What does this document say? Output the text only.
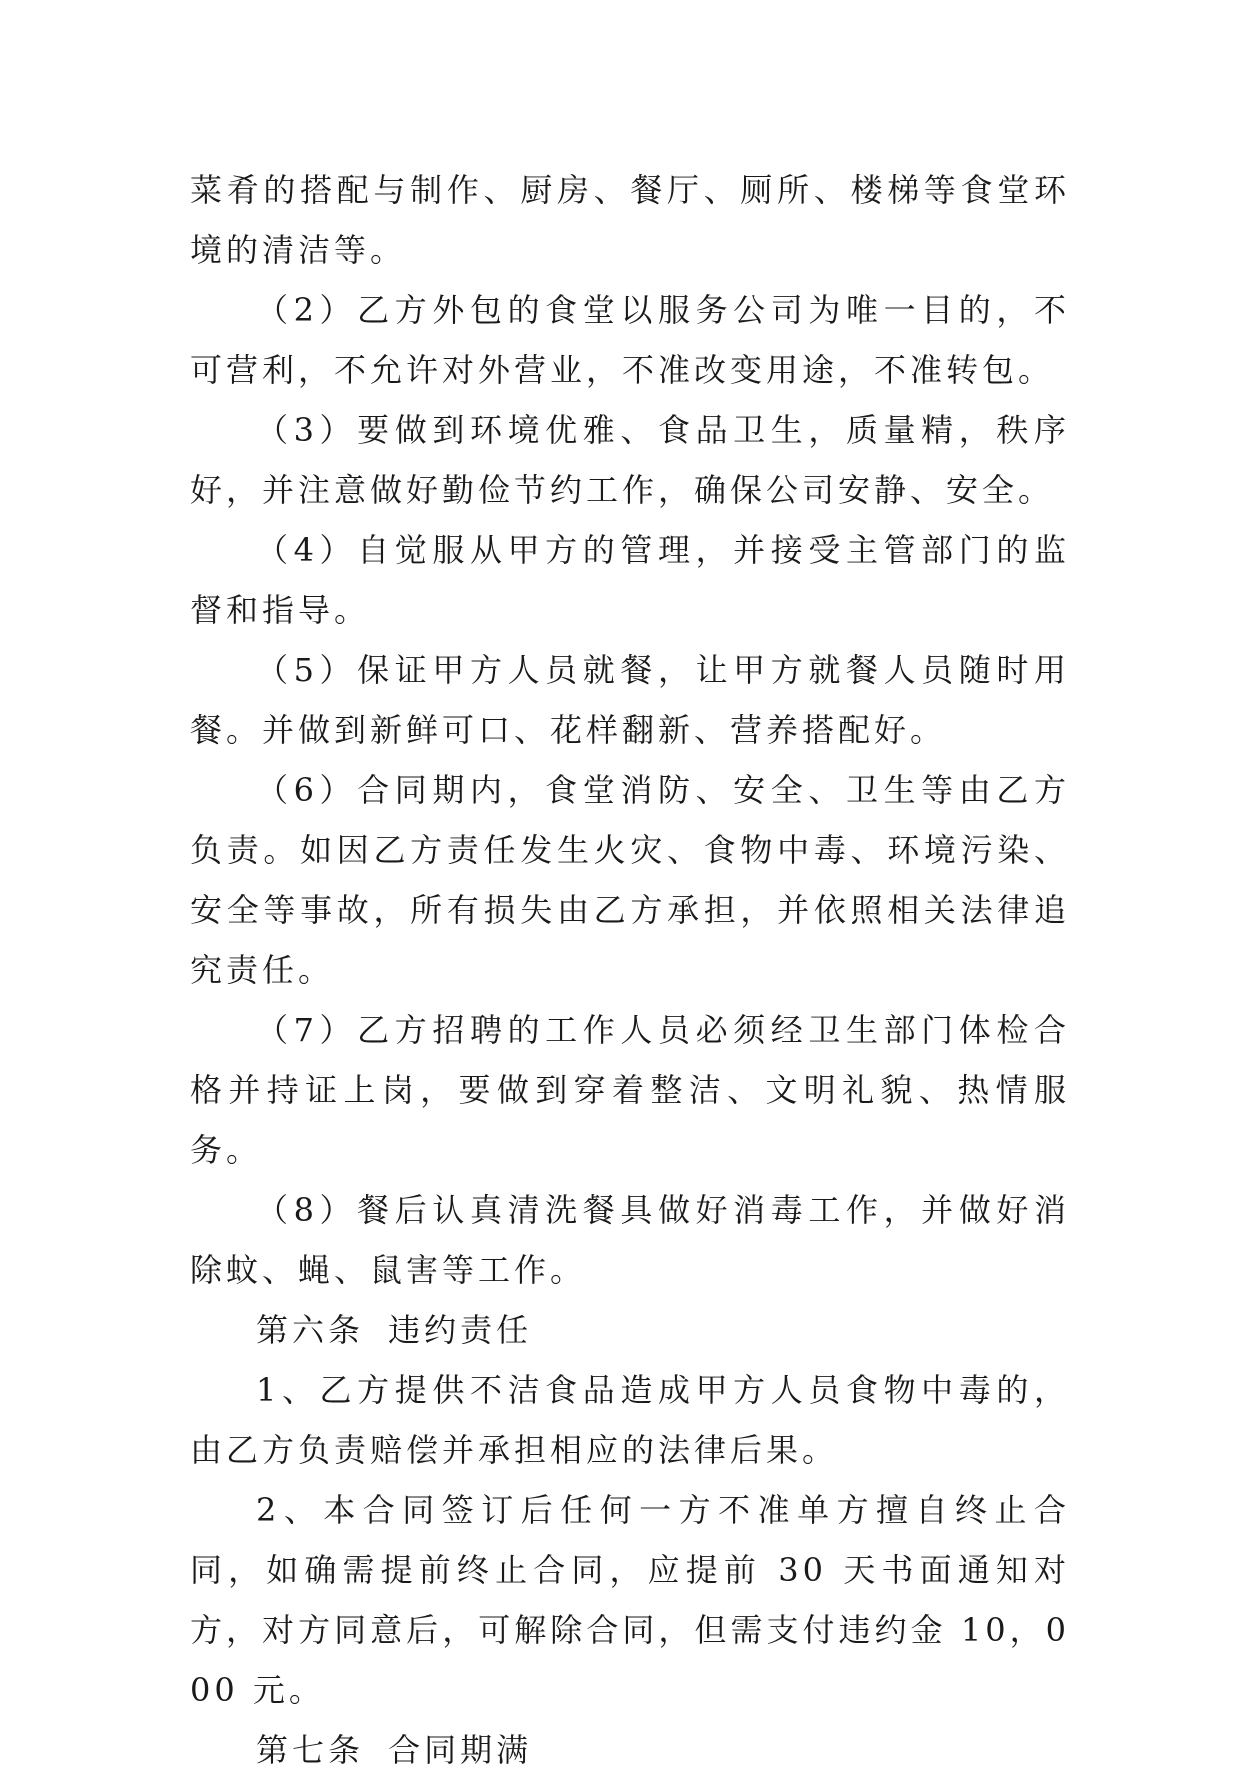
菜肴的搭配与制作、厨房、餐厅、厕所、楼梯等食堂环境的清洁等。

（2）乙方外包的食堂以服务公司为唯一目的，不可营利，不允许对外营业，不准改变用途，不准转包。

（3）要做到环境优雅、食品卫生，质量精，秩序好，并注意做好勤俭节约工作，确保公司安静、安全。

（4）自觉服从甲方的管理，并接受主管部门的监督和指导。

（5）保证甲方人员就餐，让甲方就餐人员随时用餐。并做到新鲜可口、花样翻新、营养搭配好。

（6）合同期内，食堂消防、安全、卫生等由乙方负责。如因乙方责任发生火灾、食物中毒、环境污染、安全等事故，所有损失由乙方承担，并依照相关法律追究责任。

（7）乙方招聘的工作人员必须经卫生部门体检合格并持证上岗，要做到穿着整洁、文明礼貌、热情服务。

（8）餐后认真清洗餐具做好消毒工作，并做好消除蚊、蝇、鼠害等工作。

第六条 违约责任

1、乙方提供不洁食品造成甲方人员食物中毒的，由乙方负责赔偿并承担相应的法律后果。

2、本合同签订后任何一方不准单方擅自终止合同，如确需提前终止合同，应提前 30 天书面通知对方，对方同意后，可解除合同，但需支付违约金 10，000 元。

第七条 合同期满
